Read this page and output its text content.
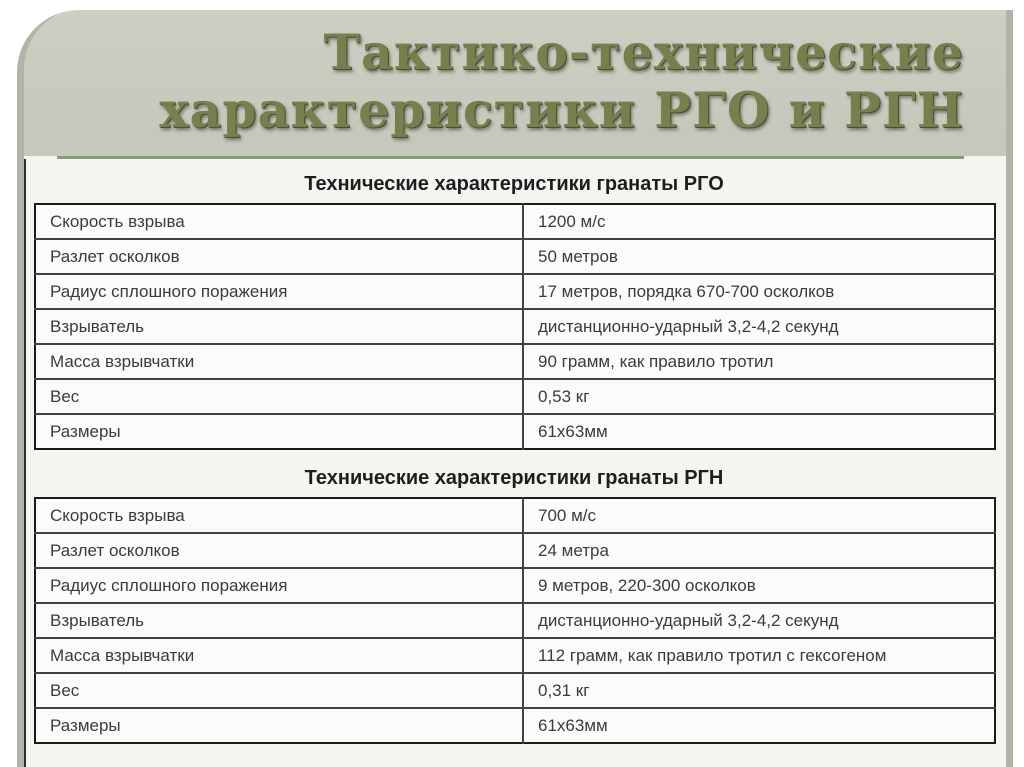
Тактико-технические
характеристики РГО и РГН
Технические характеристики гранаты РГО
Скорость взрыва	1200 м/с
Разлет осколков	50 метров
Радиус сплошного поражения	17 метров, порядка 670-700 осколков
Взрыватель	дистанционно-ударный 3,2-4,2 секунд
Масса взрывчатки	90 грамм, как правило тротил
Вес	0,53 кг
Размеры	61х63мм
Технические характеристики гранаты РГН
Скорость взрыва	700 м/с
Разлет осколков	24 метра
Радиус сплошного поражения	9 метров, 220-300 осколков
Взрыватель	дистанционно-ударный 3,2-4,2 секунд
Масса взрывчатки	112 грамм, как правило тротил с гексогеном
Вес	0,31 кг
Размеры	61х63мм
